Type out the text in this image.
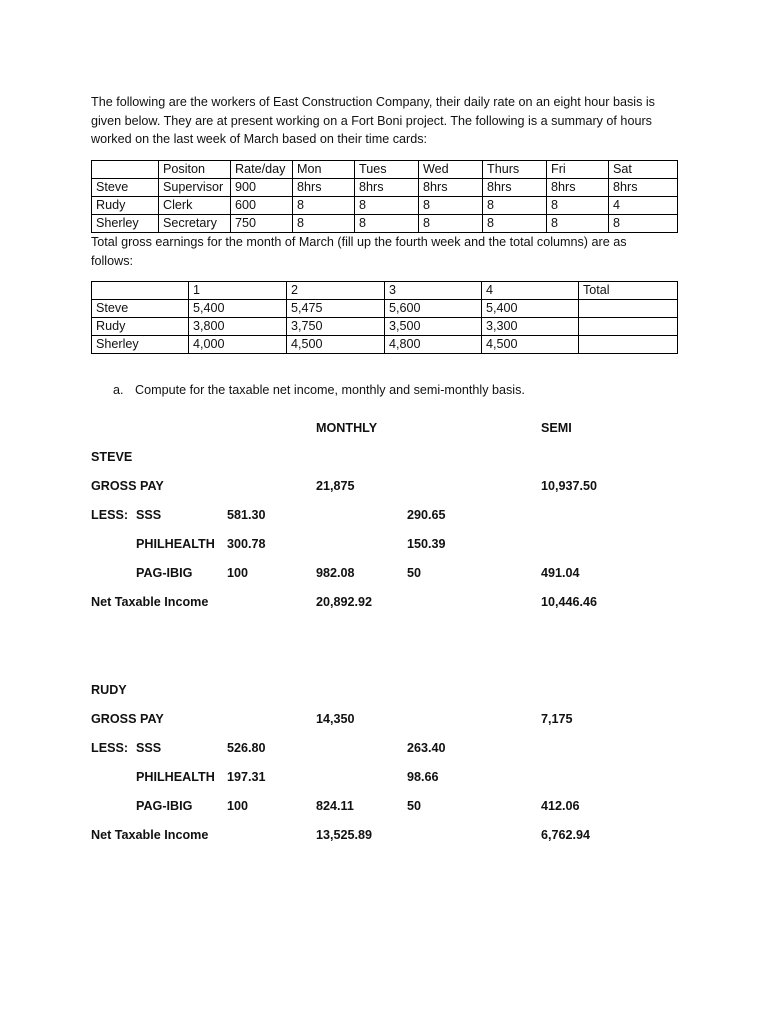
The following are the workers of East Construction Company, their daily rate on an eight hour basis is

given below. They are at present working on a Fort Boni project. The following is a summary of hours

worked on the last week of March based on their time cards:

	Positon	Rate/day	Mon	Tues	Wed	Thurs	Fri	Sat
Steve	Supervisor	900	8hrs	8hrs	8hrs	8hrs	8hrs	8hrs
Rudy	Clerk	600	8	8	8	8	8	4
Sherley	Secretary	750	8	8	8	8	8	8

Total gross earnings for the month of March (fill up the fourth week and the total columns) are as

follows:

	1	2	3	4	Total
Steve	5,400	5,475	5,600	5,400	
Rudy	3,800	3,750	3,500	3,300	
Sherley	4,000	4,500	4,800	4,500	
a. Compute for the taxable net income, monthly and semi-monthly basis.
MONTHLY	SEMI
STEVE
GROSS PAY	21,875	10,937.50
LESS: SSS	581.30	290.65
PHILHEALTH 300.78	150.39
PAG-IBIG	100	982.08	50	491.04
Net Taxable Income	20,892.92	10,446.46
RUDY
GROSS PAY	14,350	7,175
LESS: SSS	526.80	263.40
PHILHEALTH 197.31	98.66
PAG-IBIG	100	824.11	50	412.06
Net Taxable Income	13,525.89	6,762.94
